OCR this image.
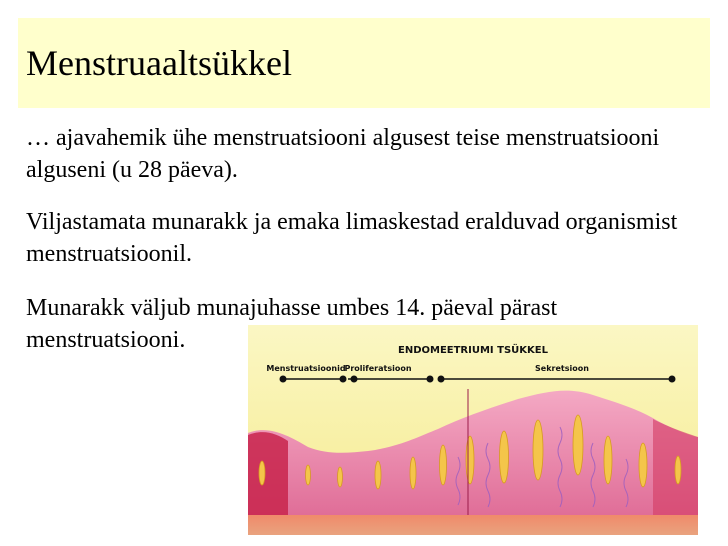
Menstruaaltsükkel
… ajavahemik ühe menstruatsiooni algusest teise menstruatsiooni alguseni (u 28 päeva).
Viljastamata munarakk ja emaka limaskestad eralduvad organismist menstruatsioonil.
Munarakk väljub munajuhasse umbes 14. päeval pärast menstruatsiooni.	ENDOMEETRIUMI TSÜKKEL
Menstruatsioonid
Proliferatsioon	Sekretsioon
